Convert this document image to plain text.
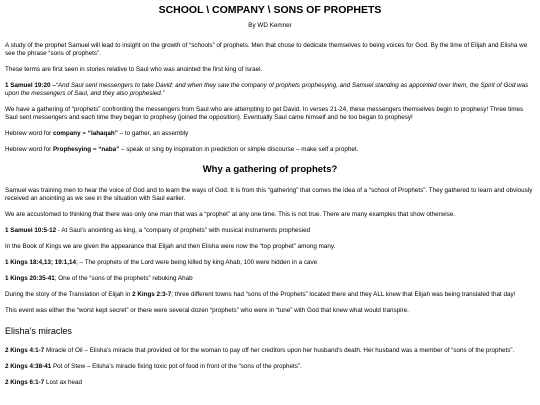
SCHOOL \ COMPANY \ SONS OF PROPHETS
By WD Kemner

A study of the prophet Samuel will lead to insight on the growth of “schools” of prophets. Men that chose to dedicate themselves to being voices for God. By the time of Elijah and Elisha we see the phrase “sons of prophets”.

These terms are first seen in stories relative to Saul who was anointed the first king of Israel.

1 Samuel 19:20 –“And Saul sent messengers to take David: and when they saw the company of prophets prophesying, and Samuel standing as appointed over them, the Spirit of God was upon the messengers of Saul, and they also prophesied.”

We have a gathering of “prophets” confronting the messengers from Saul who are attempting to get David. In verses 21-24, these messengers themselves begin to prophesy! Three times Saul sent messengers and each time they began to prophesy (joined the opposition). Eventually Saul came himself and he too began to prophesy!

Hebrew word for company = “lahaqah” – to gather, an assembly

Hebrew word for Prophesying = “naba” – speak or sing by inspiration in prediction or simple discourse – make self a prophet.

Why a gathering of prophets?

Samuel was training men to hear the voice of God and to learn the ways of God. It is from this “gathering” that comes the idea of a “school of Prophets”. They gathered to learn and obviously received an anointing as we see in the situation with Saul earlier.

We are accustomed to thinking that there was only one man that was a “prophet” at any one time. This is not true. There are many examples that show otherwise.

1 Samuel 10:5-12 - At Saul’s anointing as king, a “company of prophets” with musical instruments prophesied

In the Book of Kings we are given the appearance that Elijah and then Elisha were now the “top prophet” among many.

1 Kings 18:4,13; 19:1,14; – The prophets of the Lord were being killed by king Ahab, 100 were hidden in a cave

1 Kings 20:35-41; One of the “sons of the prophets” rebuking Ahab

During the story of the Translation of Elijah in 2 Kings 2:3-7; three different towns had “sons of the Prophets” located there and they ALL knew that Elijah was being translated that day!

This event was either the “worst kept secret” or there were several dozen “prophets” who were in “tune” with God that knew what would transpire.

Elisha’s miracles

2 Kings 4:1-7 Miracle of Oil – Elisha’s miracle that provided oil for the woman to pay off her creditors upon her husband’s death. Her husband was a member of “sons of the prophets”.

2 Kings 4:38-41 Pot of Stew – Elisha’s miracle fixing toxic pot of food in front of the “sons of the prophets”.

2 Kings 6:1-7 Lost ax head
